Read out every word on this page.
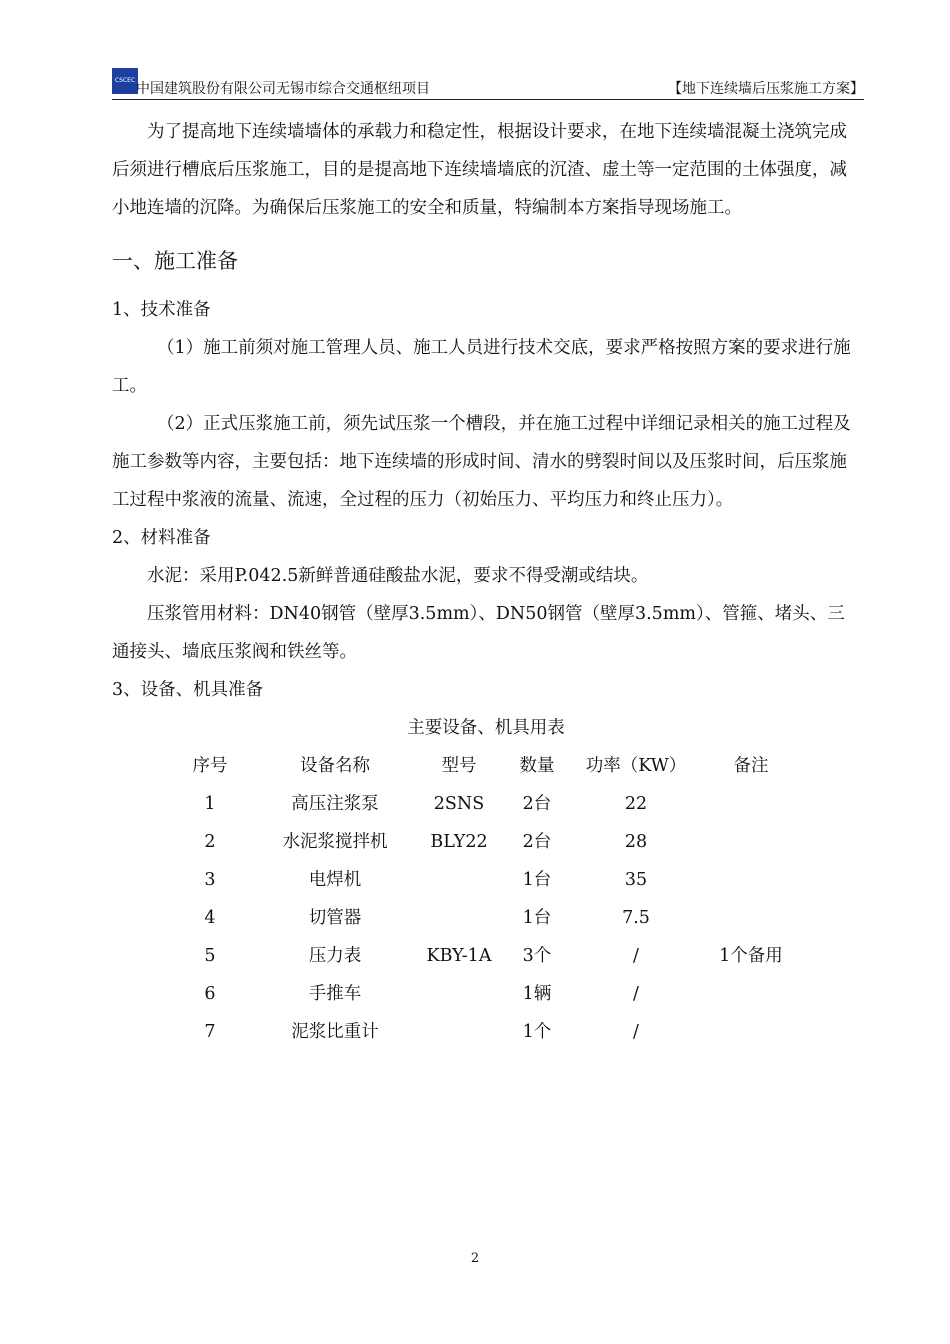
CSCEC
中国建筑股份有限公司无锡市综合交通枢纽项目	【地下连续墙后压浆施工方案】

为了提高地下连续墙墙体的承载力和稳定性，根据设计要求，在地下连续墙混凝土浇筑完成后须进行槽底后压浆施工，目的是提高地下连续墙墙底的沉渣、虚土等一定范围的土体强度，减小地连墙的沉降。为确保后压浆施工的安全和质量，特编制本方案指导现场施工。

一、施工准备

1、技术准备

（1）施工前须对施工管理人员、施工人员进行技术交底，要求严格按照方案的要求进行施工。

（2）正式压浆施工前，须先试压浆一个槽段，并在施工过程中详细记录相关的施工过程及施工参数等内容，主要包括：地下连续墙的形成时间、清水的劈裂时间以及压浆时间，后压浆施工过程中浆液的流量、流速，全过程的压力（初始压力、平均压力和终止压力）。

2、材料准备

水泥：采用P.042.5新鲜普通硅酸盐水泥，要求不得受潮或结块。

压浆管用材料：DN40钢管（壁厚3.5mm）、DN50钢管（壁厚3.5mm）、管箍、堵头、三通接头、墙底压浆阀和铁丝等。

3、设备、机具准备

主要设备、机具用表

序号	设备名称	型号	数量	功率（KW）	备注
1	高压注浆泵	2SNS	2台	22	
2	水泥浆搅拌机	BLY22	2台	28	
3	电焊机		1台	35	
4	切管器		1台	7.5	
5	压力表	KBY-1A	3个	/	1个备用
6	手推车		1辆	/	
7	泥浆比重计		1个	/	
2
